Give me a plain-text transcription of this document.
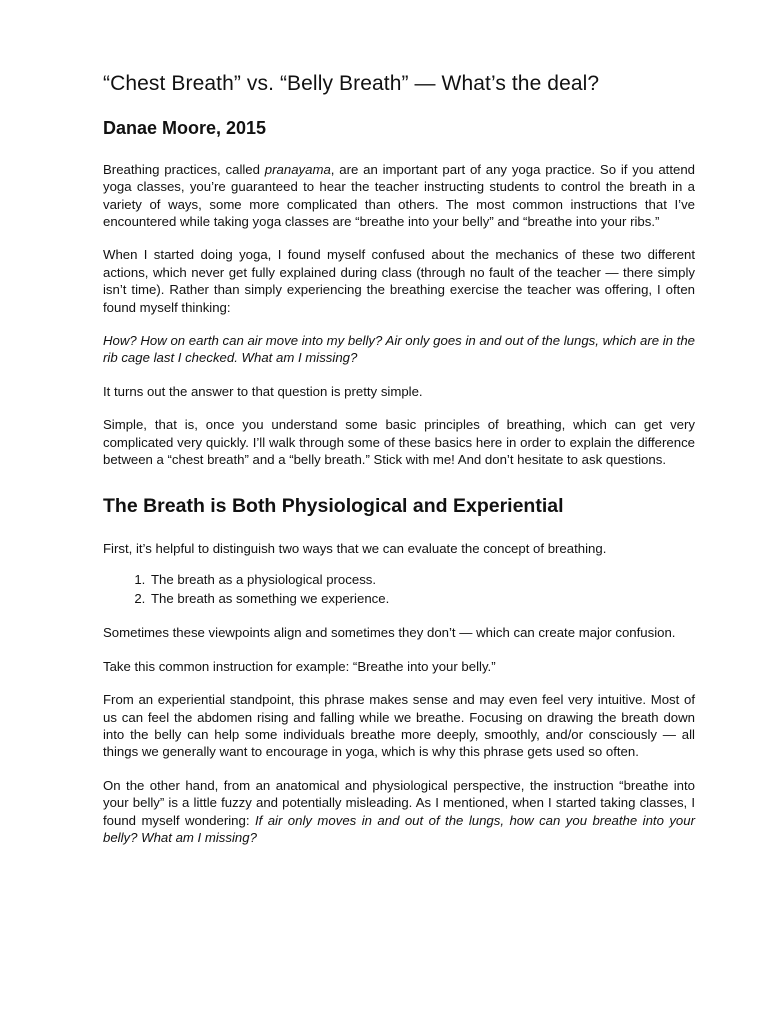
“Chest Breath” vs. “Belly Breath” — What’s the deal?
Danae Moore, 2015

Breathing practices, called pranayama, are an important part of any yoga practice. So if you attend yoga classes, you’re guaranteed to hear the teacher instructing students to control the breath in a variety of ways, some more complicated than others. The most common instructions that I’ve encountered while taking yoga classes are “breathe into your belly” and “breathe into your ribs.”

When I started doing yoga, I found myself confused about the mechanics of these two different actions, which never get fully explained during class (through no fault of the teacher — there simply isn’t time). Rather than simply experiencing the breathing exercise the teacher was offering, I often found myself thinking:

How? How on earth can air move into my belly? Air only goes in and out of the lungs, which are in the rib cage last I checked. What am I missing?

It turns out the answer to that question is pretty simple.

Simple, that is, once you understand some basic principles of breathing, which can get very complicated very quickly. I’ll walk through some of these basics here in order to explain the difference between a “chest breath” and a “belly breath.” Stick with me! And don’t hesitate to ask questions.

The Breath is Both Physiological and Experiential

First, it’s helpful to distinguish two ways that we can evaluate the concept of breathing.

1. The breath as a physiological process.
2. The breath as something we experience.

Sometimes these viewpoints align and sometimes they don’t — which can create major confusion.

Take this common instruction for example: “Breathe into your belly.”

From an experiential standpoint, this phrase makes sense and may even feel very intuitive. Most of us can feel the abdomen rising and falling while we breathe. Focusing on drawing the breath down into the belly can help some individuals breathe more deeply, smoothly, and/or consciously — all things we generally want to encourage in yoga, which is why this phrase gets used so often.

On the other hand, from an anatomical and physiological perspective, the instruction “breathe into your belly” is a little fuzzy and potentially misleading. As I mentioned, when I started taking classes, I found myself wondering: If air only moves in and out of the lungs, how can you breathe into your belly? What am I missing?
